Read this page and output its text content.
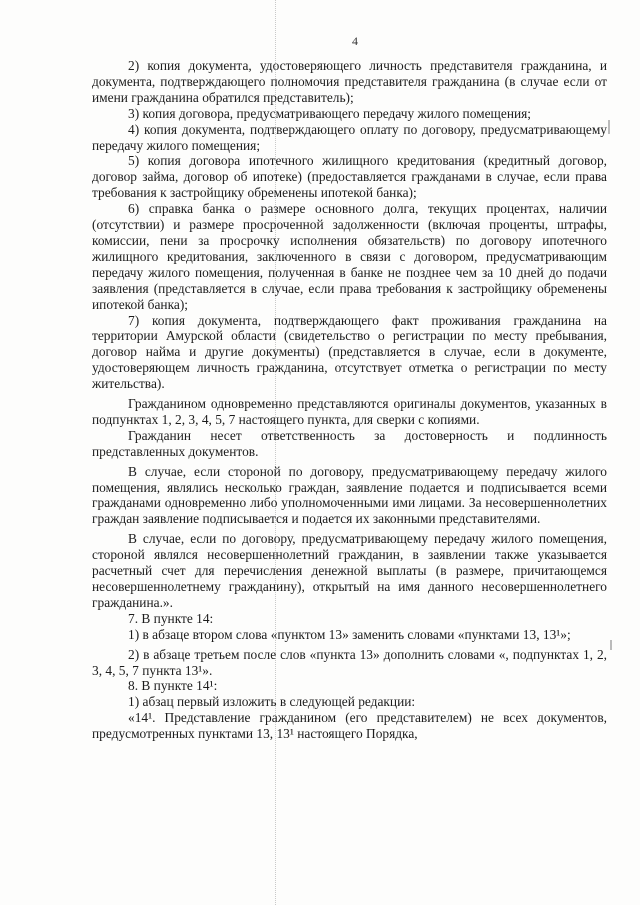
4

2) копия документа, удостоверяющего личность представителя гражданина, и документа, подтверждающего полномочия представителя гражданина (в случае если от имени гражданина обратился представитель);

3) копия договора, предусматривающего передачу жилого помещения;

4) копия документа, подтверждающего оплату по договору, предусматривающему передачу жилого помещения;

5) копия договора ипотечного жилищного кредитования (кредитный договор, договор займа, договор об ипотеке) (предоставляется гражданами в случае, если права требования к застройщику обременены ипотекой банка);

6) справка банка о размере основного долга, текущих процентах, наличии (отсутствии) и размере просроченной задолженности (включая проценты, штрафы, комиссии, пени за просрочку исполнения обязательств) по договору ипотечного жилищного кредитования, заключенного в связи с договором, предусматривающим передачу жилого помещения, полученная в банке не позднее чем за 10 дней до подачи заявления (представляется в случае, если права требования к застройщику обременены ипотекой банка);

7) копия документа, подтверждающего факт проживания гражданина на территории Амурской области (свидетельство о регистрации по месту пребывания, договор найма и другие документы) (представляется в случае, если в документе, удостоверяющем личность гражданина, отсутствует отметка о регистрации по месту жительства).

Гражданином одновременно представляются оригиналы документов, указанных в подпунктах 1, 2, 3, 4, 5, 7 настоящего пункта, для сверки с копиями.

Гражданин несет ответственность за достоверность и подлинность представленных документов.

В случае, если стороной по договору, предусматривающему передачу жилого помещения, являлись несколько граждан, заявление подается и подписывается всеми гражданами одновременно либо уполномоченными ими лицами. За несовершеннолетних граждан заявление подписывается и подается их законными представителями.

В случае, если по договору, предусматривающему передачу жилого помещения, стороной являлся несовершеннолетний гражданин, в заявлении также указывается расчетный счет для перечисления денежной выплаты (в размере, причитающемся несовершеннолетнему гражданину), открытый на имя данного несовершеннолетнего гражданина.».

7. В пункте 14:

1) в абзаце втором слова «пунктом 13» заменить словами «пунктами 13, 13¹»;

2) в абзаце третьем после слов «пункта 13» дополнить словами «, подпунктах 1, 2, 3, 4, 5, 7 пункта 13¹».

8. В пункте 14¹:

1) абзац первый изложить в следующей редакции:

«14¹. Представление гражданином (его представителем) не всех документов, предусмотренных пунктами 13, 13¹ настоящего Порядка,
